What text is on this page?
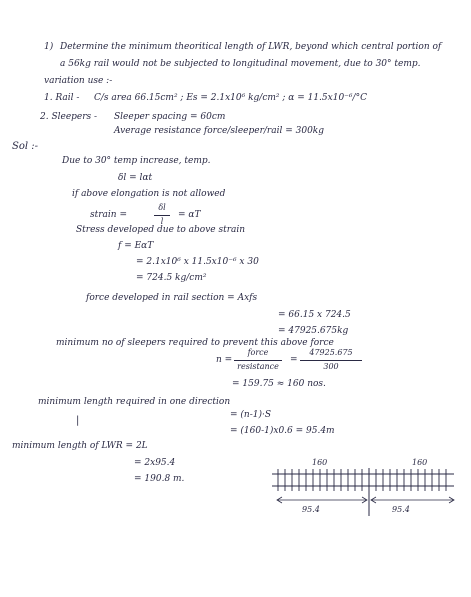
1) Determine the minimum theoritical length of LWR, beyond which central portion of
a 56kg rail would not be subjected to longitudinal movement, due to 30° temp.
variation use :-
1. Rail - C/s area 66.15cm² ; Es = 2.1x10⁶ kg/cm² ; α = 11.5x10⁻⁶/°C
2. Sleepers - Sleeper spacing = 60cm
Average resistance force/sleeper/rail = 300kg
Sol :-
Due to 30° temp increase, temp.
δl = lαt
if above elongation is not allowed
strain =
δl
l
= αT
Stress developed due to above strain
f = EαT
= 2.1x10⁶ x 11.5x10⁻⁶ x 30
= 724.5 kg/cm²
force developed in rail section = Axfs
= 66.15 x 724.5
= 47925.675kg
minimum no of sleepers required to prevent this above force
n =
force
resistance
=
47925.675
300
= 159.75 ≈ 160 nos.
minimum length required in one direction
|	= (n-1)·S
= (160-1)x0.6 = 95.4m
minimum length of LWR = 2L
= 2x95.4
= 190.8 m.
160	160
95.4	95.4
